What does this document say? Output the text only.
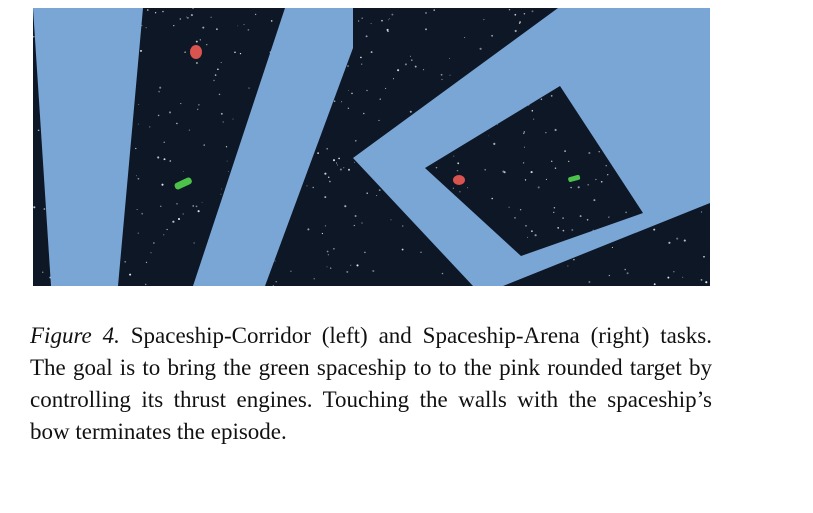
Figure 4. Spaceship-Corridor (left) and Spaceship-Arena (right) tasks. The goal is to bring the green spaceship to to the pink rounded target by controlling its thrust engines. Touching the walls with the spaceship’s bow terminates the episode.
